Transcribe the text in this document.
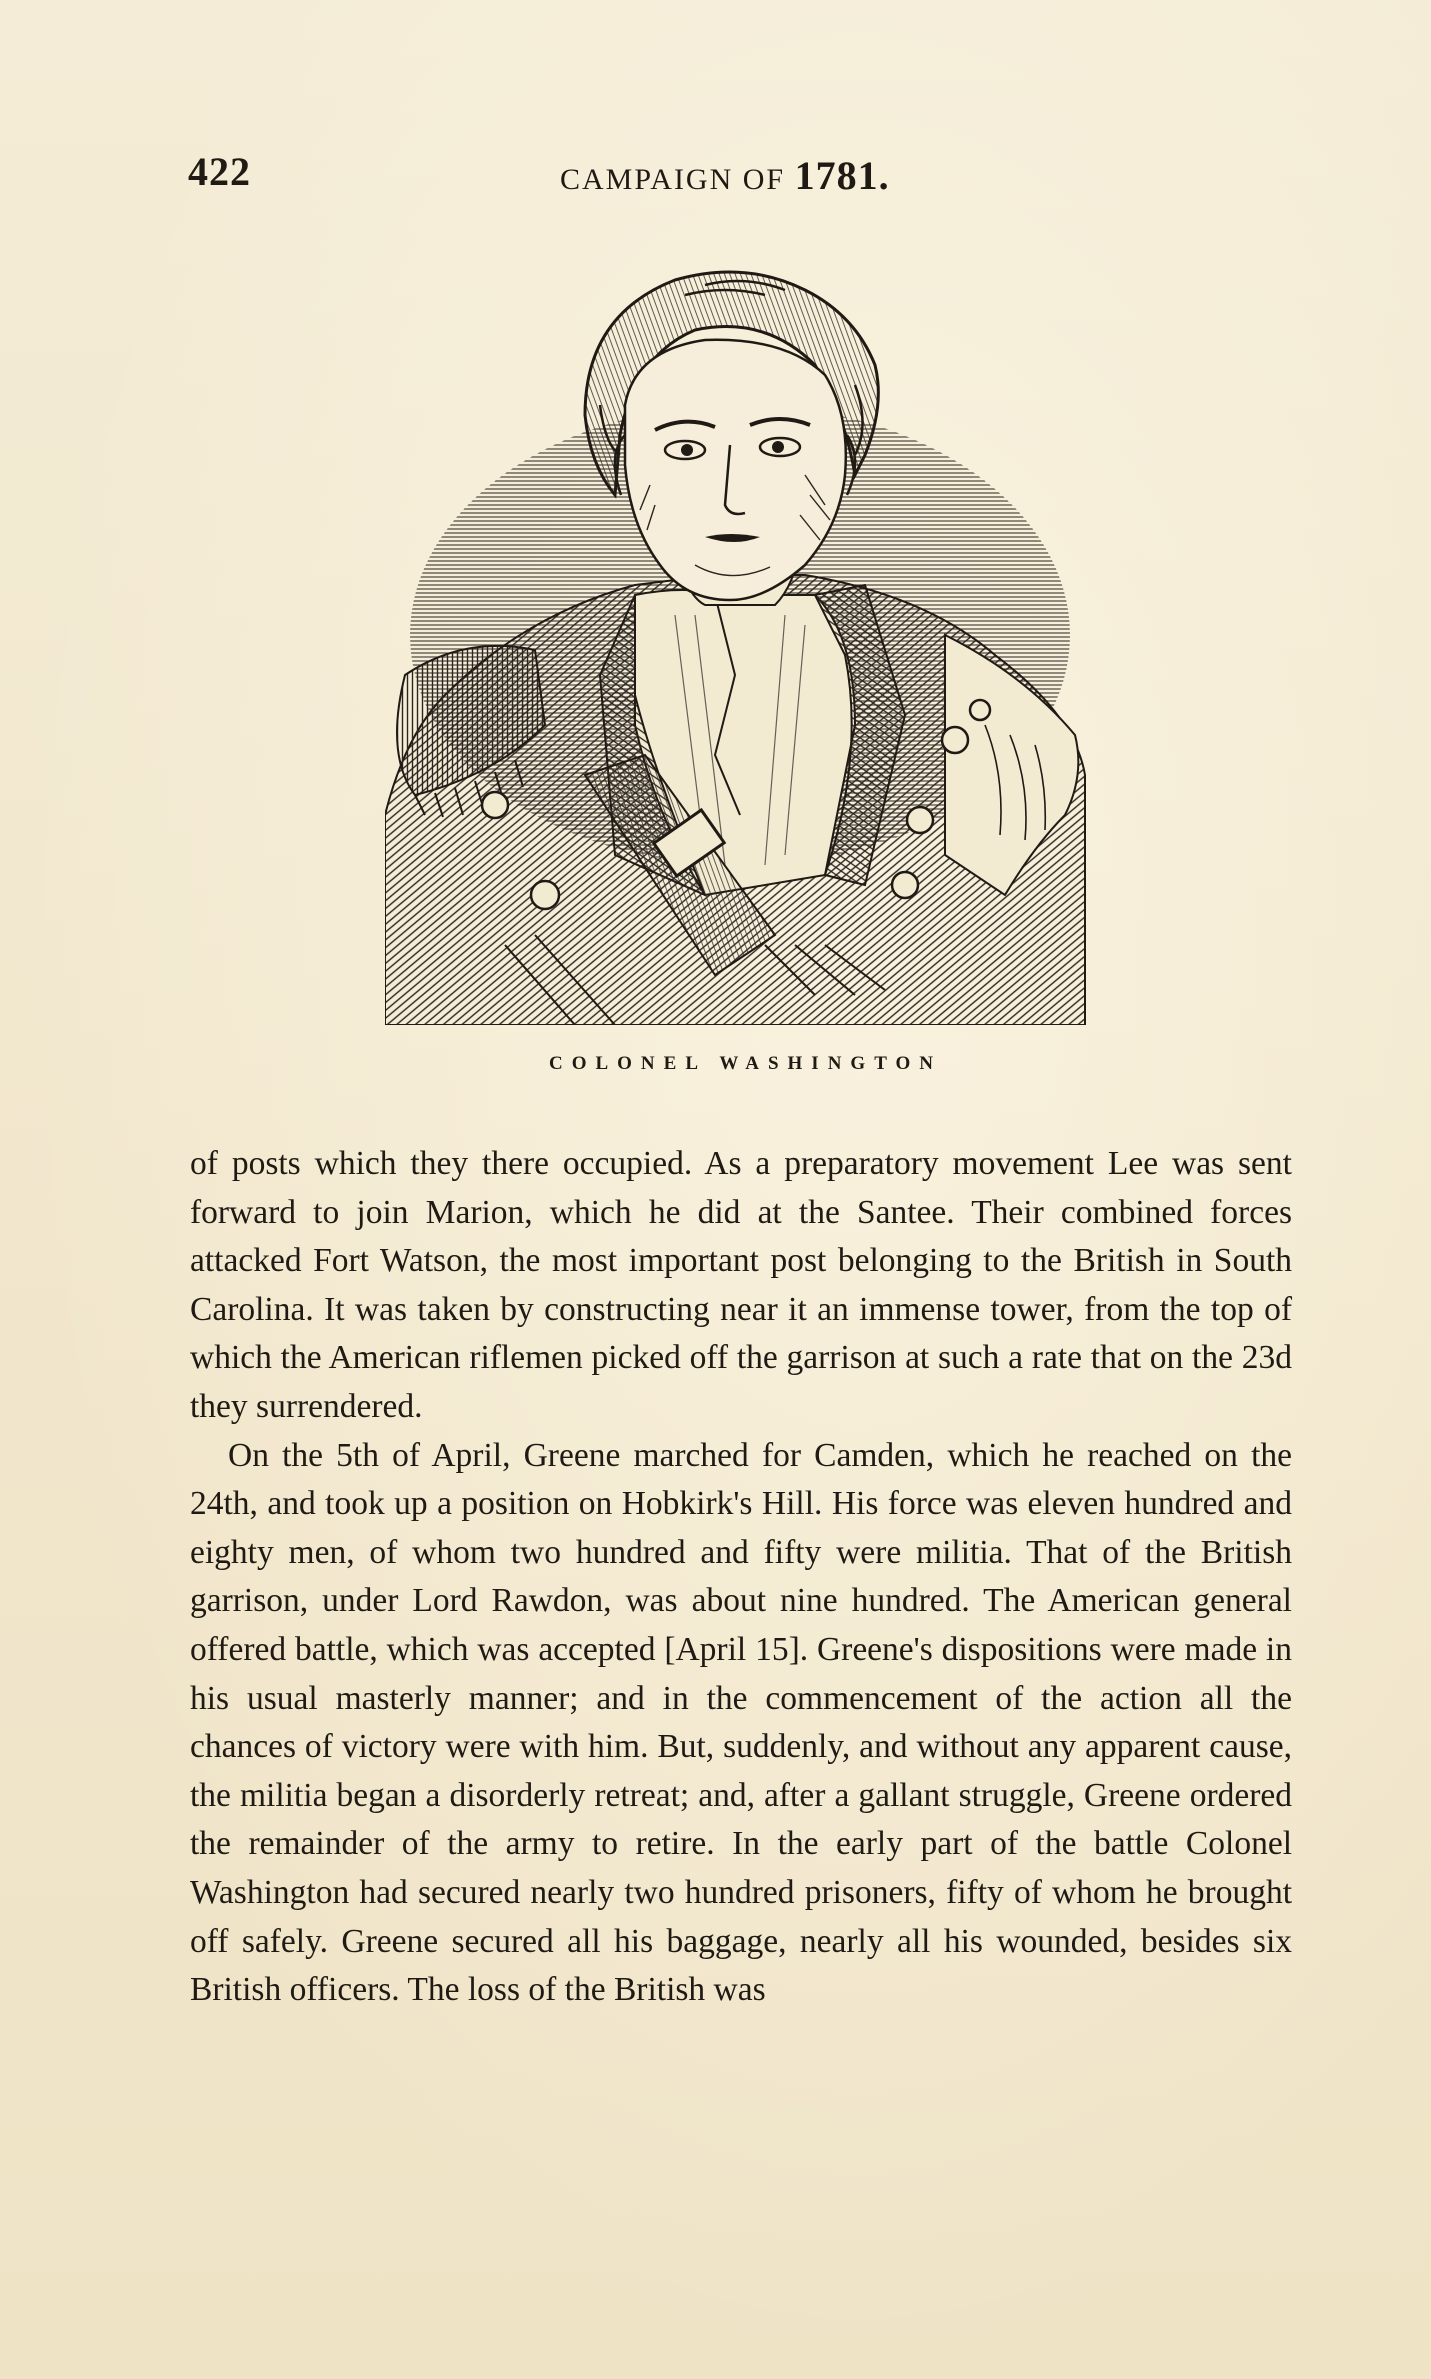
422	CAMPAIGN OF 1781.
COLONEL WASHINGTON

of posts which they there occupied. As a preparatory movement Lee was sent forward to join Marion, which he did at the Santee. Their combined forces attacked Fort Watson, the most important post belonging to the British in South Carolina. It was taken by constructing near it an immense tower, from the top of which the American riflemen picked off the garrison at such a rate that on the 23d they surrendered.

On the 5th of April, Greene marched for Camden, which he reached on the 24th, and took up a position on Hobkirk's Hill. His force was eleven hundred and eighty men, of whom two hundred and fifty were militia. That of the British garrison, under Lord Rawdon, was about nine hundred. The American general offered battle, which was accepted [April 15]. Greene's dispositions were made in his usual masterly manner; and in the commencement of the action all the chances of victory were with him. But, suddenly, and without any apparent cause, the militia began a disorderly retreat; and, after a gallant struggle, Greene ordered the remainder of the army to retire. In the early part of the battle Colonel Washington had secured nearly two hundred prisoners, fifty of whom he brought off safely. Greene secured all his baggage, nearly all his wounded, besides six British officers. The loss of the British was
